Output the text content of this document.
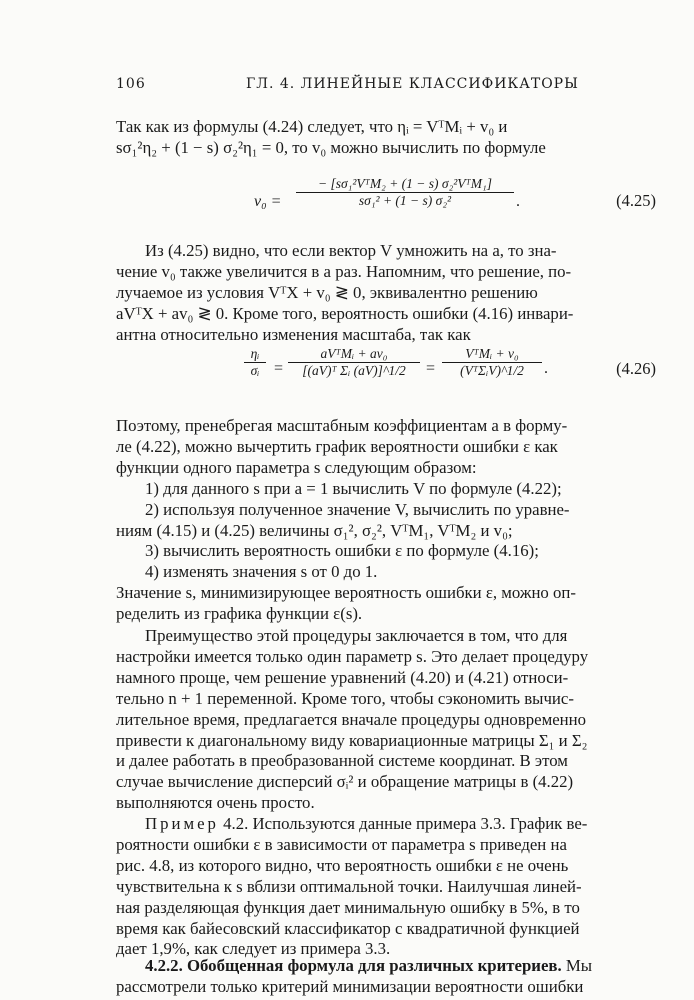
106	ГЛ. 4. ЛИНЕЙНЫЕ КЛАССИФИКАТОРЫ

Так как из формулы (4.24) следует, что ηᵢ = VᵀMᵢ + v₀ и

sσ₁²η₂ + (1 − s) σ₂²η₁ = 0, то v₀ можно вычислить по формуле

v₀ =
− [sσ₁²VᵀM₂ + (1 − s) σ₂²VᵀM₁]
sσ₁² + (1 − s) σ₂²	.	(4.25)

Из (4.25) видно, что если вектор V умножить на a, то зна-

чение v₀ также увеличится в a раз. Напомним, что решение, по-

лучаемое из условия VᵀX + v₀ ≷ 0, эквивалентно решению

aVᵀX + av₀ ≷ 0. Кроме того, вероятность ошибки (4.16) инвари-

антна относительно изменения масштаба, так как

ηᵢ
σᵢ =
aVᵀMᵢ + av₀
[(aV)ᵀ Σᵢ (aV)]^1/2	=
VᵀMᵢ + v₀
(VᵀΣᵢV)^1/2	.	(4.26)

Поэтому, пренебрегая масштабным коэффициентам a в форму-

ле (4.22), можно вычертить график вероятности ошибки ε как

функции одного параметра s следующим образом:

1) для данного s при a = 1 вычислить V по формуле (4.22);

2) используя полученное значение V, вычислить по уравне-

ниям (4.15) и (4.25) величины σ₁², σ₂², VᵀM₁, VᵀM₂ и v₀;

3) вычислить вероятность ошибки ε по формуле (4.16);

4) изменять значения s от 0 до 1.

Значение s, минимизирующее вероятность ошибки ε, можно оп-

ределить из графика функции ε(s).

Преимущество этой процедуры заключается в том, что для

настройки имеется только один параметр s. Это делает процедуру

намного проще, чем решение уравнений (4.20) и (4.21) относи-

тельно n + 1 переменной. Кроме того, чтобы сэкономить вычис-

лительное время, предлагается вначале процедуры одновременно

привести к диагональному виду ковариационные матрицы Σ₁ и Σ₂

и далее работать в преобразованной системе координат. В этом

случае вычисление дисперсий σᵢ² и обращение матрицы в (4.22)

выполняются очень просто.

Пример 4.2. Используются данные примера 3.3. График ве-

роятности ошибки ε в зависимости от параметра s приведен на

рис. 4.8, из которого видно, что вероятность ошибки ε не очень

чувствительна к s вблизи оптимальной точки. Наилучшая линей-

ная разделяющая функция дает минимальную ошибку в 5%, в то

время как байесовский классификатор с квадратичной функцией

дает 1,9%, как следует из примера 3.3.

4.2.2. Обобщенная формула для различных критериев. Мы

рассмотрели только критерий минимизации вероятности ошибки
